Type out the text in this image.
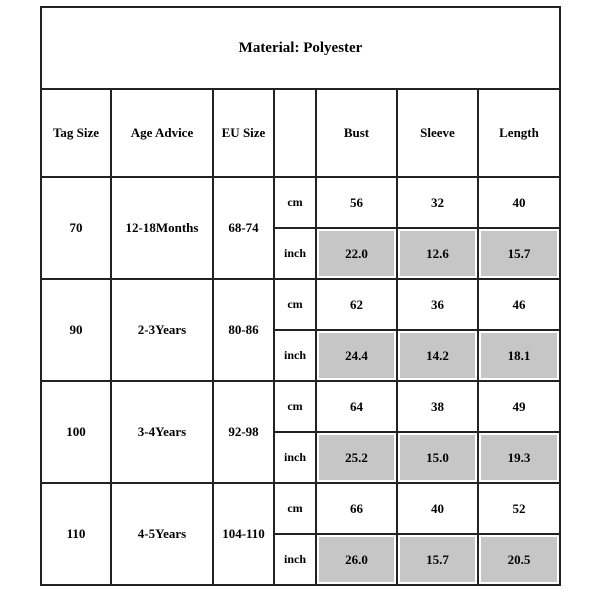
Material: Polyester						
Tag Size	Age Advice	EU Size		Bust	Sleeve	Length
70	12-18Months	68-74	cm	56	32	40
			inch	22.0	12.6	15.7

90	2-3Years	80-86	cm	62	36	46
			inch	24.4	14.2	18.1

100	3-4Years	92-98	cm	64	38	49
			inch	25.2	15.0	19.3

110	4-5Years	104-110	cm	66	40	52
			inch	26.0	15.7	20.5
